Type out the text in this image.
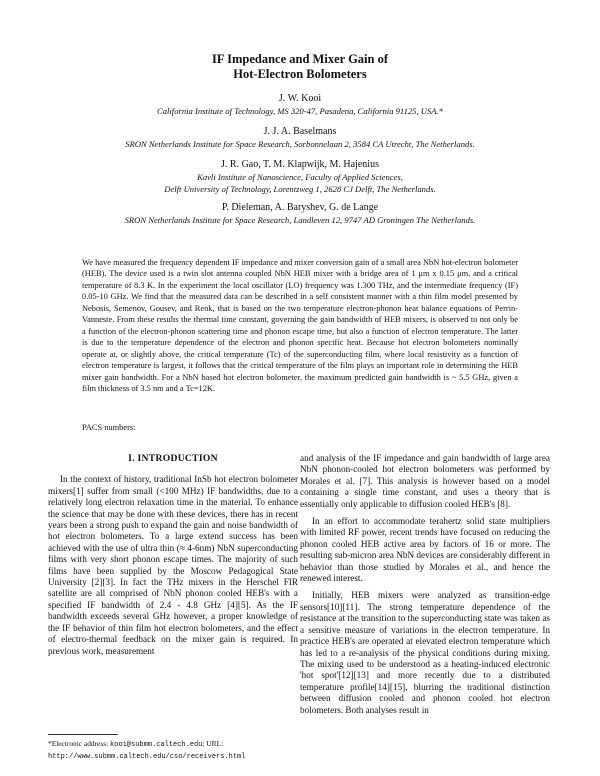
IF Impedance and Mixer Gain of
Hot-Electron Bolometers
J. W. Kooi
California Institute of Technology, MS 320-47, Pasadena, California 91125, USA.*
J. J. A. Baselmans
SRON Netherlands Institute for Space Research, Sorbonnelaan 2, 3584 CA Utrecht, The Netherlands.
J. R. Gao, T. M. Klapwijk, M. Hajenius
Kavli Institute of Nanoscience, Faculty of Applied Sciences,
Delft University of Technology, Lorentzweg 1, 2628 CJ Delft, The Netherlands.
P. Dieleman, A. Baryshev, G. de Lange
SRON Netherlands Institute for Space Research, Landleven 12, 9747 AD Groningen The Netherlands.
We have measured the frequency dependent IF impedance and mixer conversion gain of a small area NbN hot-electron bolometer (HEB). The device used is a twin slot antenna coupled NbN HEB mixer with a bridge area of 1 μm x 0.15 μm, and a critical temperature of 8.3 K. In the experiment the local oscillator (LO) frequency was 1.300 THz, and the intermediate frequency (IF) 0.05-10 GHz. We find that the measured data can be described in a self consistent manner with a thin film model presented by Nebosis, Semenov, Gousev, and Renk, that is based on the two temperature electron-phonon heat balance equations of Perrin-Vanneste. From these results the thermal time constant, governing the gain bandwidth of HEB mixers, is observed to not only be a function of the electron-phonon scattering time and phonon escape time, but also a function of electron temperature. The latter is due to the temperature dependence of the electron and phonon specific heat. Because hot electron bolometers nominally operate at, or slightly above, the critical temperature (Tc) of the superconducting film, where local resistivity as a function of electron temperature is largest, it follows that the critical temperature of the film plays an important role in determining the HEB mixer gain bandwidth. For a NbN based hot electron bolometer, the maximum predicted gain bandwidth is ~ 5.5 GHz, given a film thickness of 3.5 nm and a Tc=12K.
PACS numbers:
I. INTRODUCTION

In the context of history, traditional InSb hot electron bolometer mixers[1] suffer from small (<100 MHz) IF bandwidths, due to a relatively long electron relaxation time in the material. To enhance the science that may be done with these devices, there has in recent years been a strong push to expand the gain and noise bandwidth of hot electron bolometers. To a large extend success has been achieved with the use of ultra thin (≈ 4-6nm) NbN superconducting films with very short phonon escape times. The majority of such films have been supplied by the Moscow Pedagogical State University [2][3]. In fact the THz mixers in the Herschel FIR satellite are all comprised of NbN phonon cooled HEB's with a specified IF bandwidth of 2.4 - 4.8 GHz [4][5]. As the IF bandwidth exceeds several GHz however, a proper knowledge of the IF behavior of thin film hot electron bolometers, and the effect of electro-thermal feedback on the mixer gain is required. In previous work, measurement

and analysis of the IF impedance and gain bandwidth of large area NbN phonon-cooled hot electron bolometers was performed by Morales et al. [7]. This analysis is however based on a model containing a single time constant, and uses a theory that is essentially only applicable to diffusion cooled HEB's [8].

In an effort to accommodate terahertz solid state multipliers with limited RF power, recent trends have focused on reducing the phonon cooled HEB active area by factors of 16 or more. The resulting sub-micron area NbN devices are considerably different in behavior than those studied by Morales et al., and hence the renewed interest.

Initially, HEB mixers were analyzed as transition-edge sensors[10][11]. The strong temperature dependence of the resistance at the transition to the superconducting state was taken as a sensitive measure of variations in the electron temperature. In practice HEB's are operated at elevated electron temperature which has led to a re-analysis of the physical conditions during mixing. The mixing used to be understood as a heating-induced electronic 'hot spot'[12][13] and more recently due to a distributed temperature profile[14][15], blurring the traditional distinction between diffusion cooled and phonon cooled hot electron bolometers. Both analyses result in

*Electronic address: kooi@submm.caltech.edu; URL: http://www.submm.caltech.edu/cso/receivers.html
